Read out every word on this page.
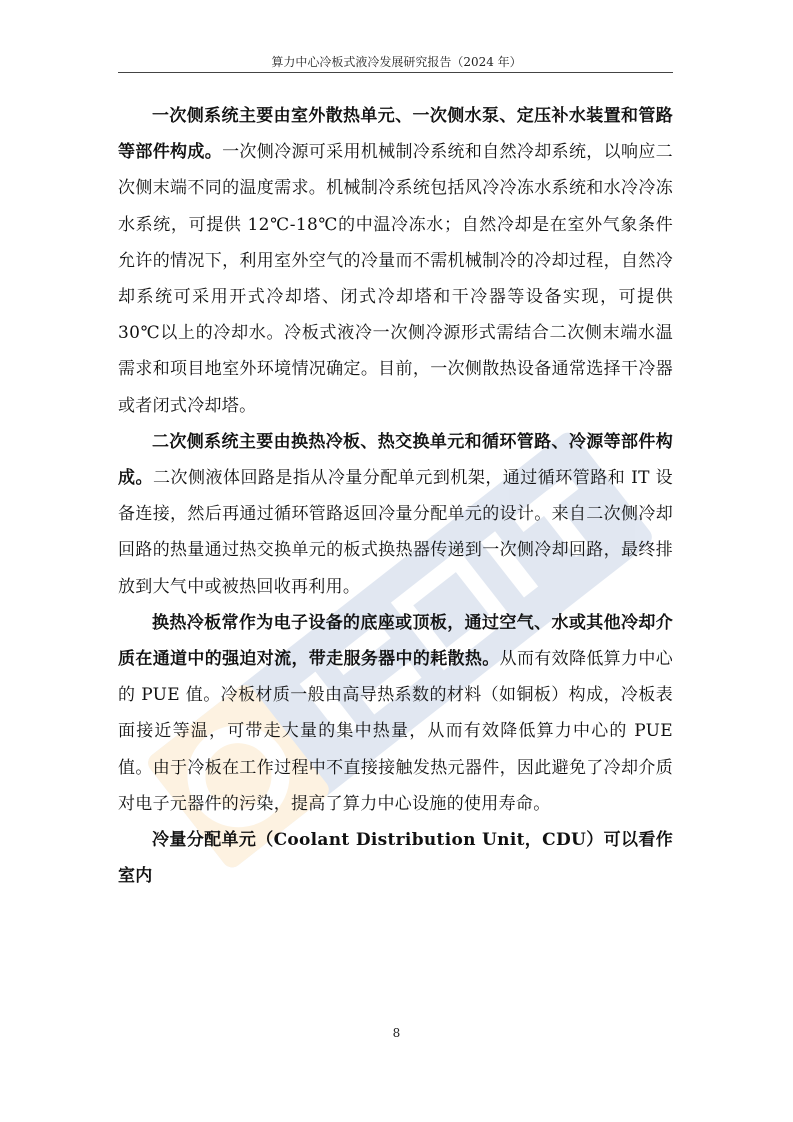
算力中心冷板式液冷发展研究报告（2024 年）

一次侧系统主要由室外散热单元、一次侧水泵、定压补水装置和管路等部件构成。一次侧冷源可采用机械制冷系统和自然冷却系统，以响应二次侧末端不同的温度需求。机械制冷系统包括风冷冷冻水系统和水冷冷冻水系统，可提供 12℃-18℃的中温冷冻水；自然冷却是在室外气象条件允许的情况下，利用室外空气的冷量而不需机械制冷的冷却过程，自然冷却系统可采用开式冷却塔、闭式冷却塔和干冷器等设备实现，可提供 30℃以上的冷却水。冷板式液冷一次侧冷源形式需结合二次侧末端水温需求和项目地室外环境情况确定。目前，一次侧散热设备通常选择干冷器或者闭式冷却塔。

二次侧系统主要由换热冷板、热交换单元和循环管路、冷源等部件构成。二次侧液体回路是指从冷量分配单元到机架，通过循环管路和 IT 设备连接，然后再通过循环管路返回冷量分配单元的设计。来自二次侧冷却回路的热量通过热交换单元的板式换热器传递到一次侧冷却回路，最终排放到大气中或被热回收再利用。

换热冷板常作为电子设备的底座或顶板，通过空气、水或其他冷却介质在通道中的强迫对流，带走服务器中的耗散热。从而有效降低算力中心的 PUE 值。冷板材质一般由高导热系数的材料（如铜板）构成，冷板表面接近等温，可带走大量的集中热量，从而有效降低算力中心的 PUE 值。由于冷板在工作过程中不直接接触发热元器件，因此避免了冷却介质对电子元器件的污染，提高了算力中心设施的使用寿命。

冷量分配单元（Coolant Distribution Unit，CDU）可以看作室内

8
